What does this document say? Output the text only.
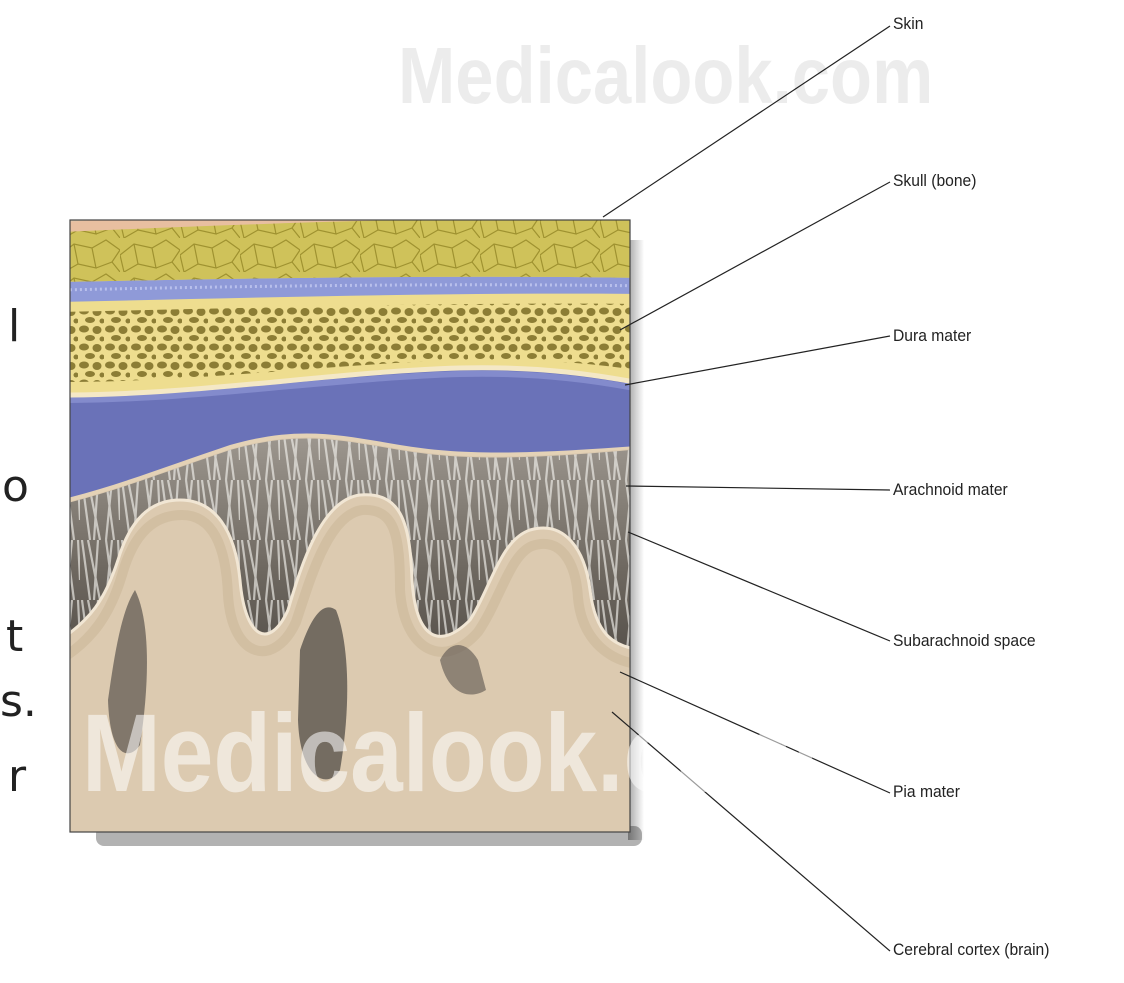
l
o
t
s.
r
Medicalook.com
Medicalook.com
Skin
Skull (bone)
Dura mater
Arachnoid mater
Subarachnoid space
Pia mater
Cerebral cortex (brain)
